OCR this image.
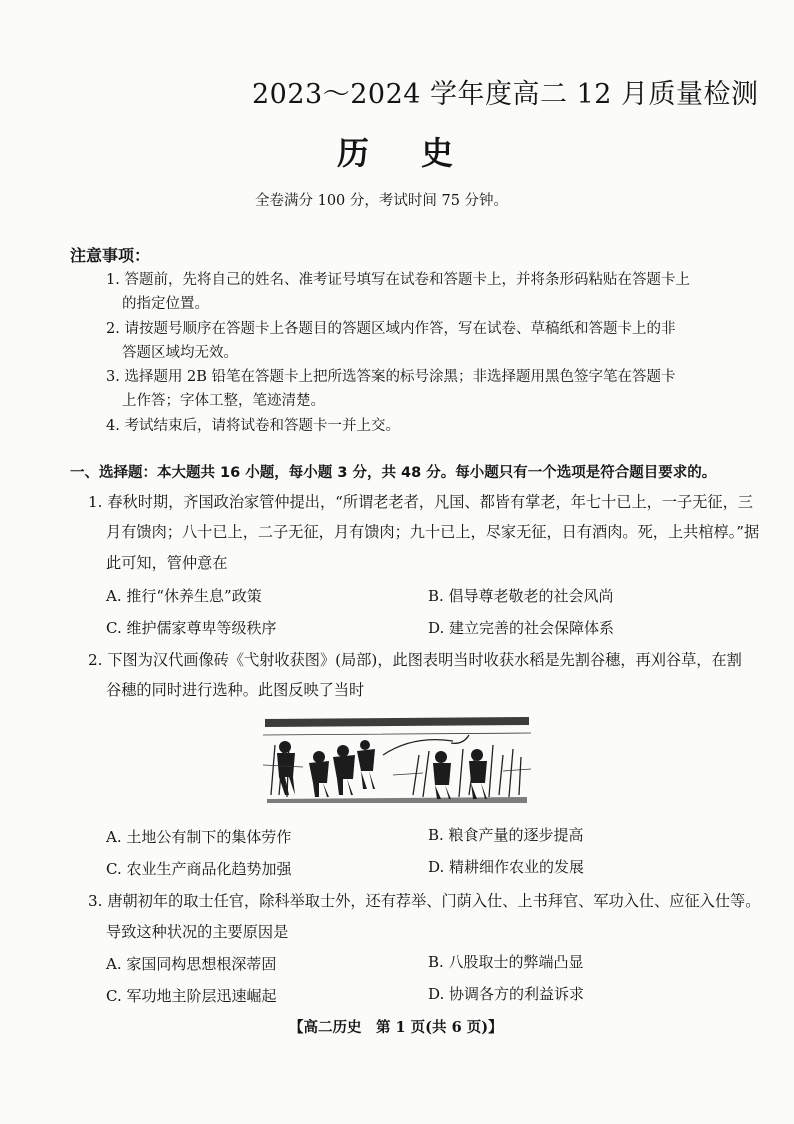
2023～2024 学年度高二 12 月质量检测
历史
全卷满分 100 分，考试时间 75 分钟。
注意事项：
1. 答题前，先将自己的姓名、准考证号填写在试卷和答题卡上，并将条形码粘贴在答题卡上
的指定位置。
2. 请按题号顺序在答题卡上各题目的答题区域内作答，写在试卷、草稿纸和答题卡上的非
答题区域均无效。
3. 选择题用 2B 铅笔在答题卡上把所选答案的标号涂黑；非选择题用黑色签字笔在答题卡
上作答；字体工整，笔迹清楚。
4. 考试结束后，请将试卷和答题卡一并上交。
一、选择题：本大题共 16 小题，每小题 3 分，共 48 分。每小题只有一个选项是符合题目要求的。
1. 春秋时期，齐国政治家管仲提出，“所谓老老者，凡国、都皆有掌老，年七十已上，一子无征，三
月有馈肉；八十已上，二子无征，月有馈肉；九十已上，尽家无征，日有酒肉。死，上共棺椁。”据
此可知，管仲意在
A. 推行“休养生息”政策	B. 倡导尊老敬老的社会风尚
C. 维护儒家尊卑等级秩序	D. 建立完善的社会保障体系
2. 下图为汉代画像砖《弋射收获图》(局部)，此图表明当时收获水稻是先割谷穗，再刈谷草，在割
谷穗的同时进行选种。此图反映了当时
A. 土地公有制下的集体劳作	B. 粮食产量的逐步提高
C. 农业生产商品化趋势加强	D. 精耕细作农业的发展
3. 唐朝初年的取士任官，除科举取士外，还有荐举、门荫入仕、上书拜官、军功入仕、应征入仕等。
导致这种状况的主要原因是
A. 家国同构思想根深蒂固	B. 八股取士的弊端凸显
C. 军功地主阶层迅速崛起	D. 协调各方的利益诉求
【高二历史　第 1 页(共 6 页)】
